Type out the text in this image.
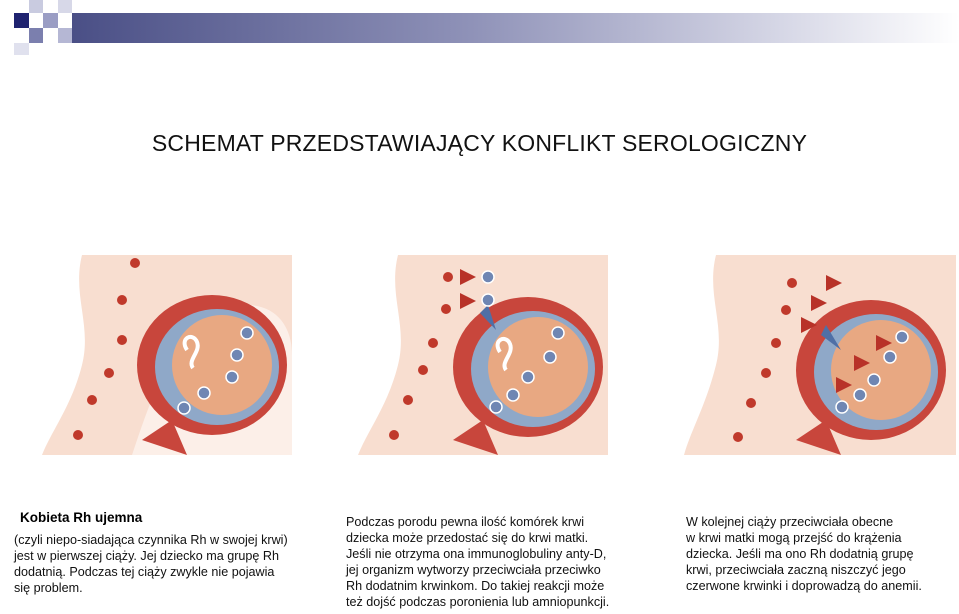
SCHEMAT PRZEDSTAWIAJĄCY KONFLIKT SEROLOGICZNY
Kobieta Rh ujemna
(czyli niepo-siadająca czynnika Rh w swojej krwi)
jest w pierwszej ciąży. Jej dziecko ma grupę Rh
dodatnią. Podczas tej ciąży zwykle nie pojawia
się problem.
Podczas porodu pewna ilość komórek krwi
dziecka może przedostać się do krwi matki.
Jeśli nie otrzyma ona immunoglobuliny anty-D,
jej organizm wytworzy przeciwciała przeciwko
Rh dodatnim krwinkom. Do takiej reakcji może
też dojść podczas poronienia lub amniopunkcji.
W kolejnej ciąży przeciwciała obecne
w krwi matki mogą przejść do krążenia
dziecka. Jeśli ma ono Rh dodatnią grupę
krwi, przeciwciała zaczną niszczyć jego
czerwone krwinki i doprowadzą do anemii.
